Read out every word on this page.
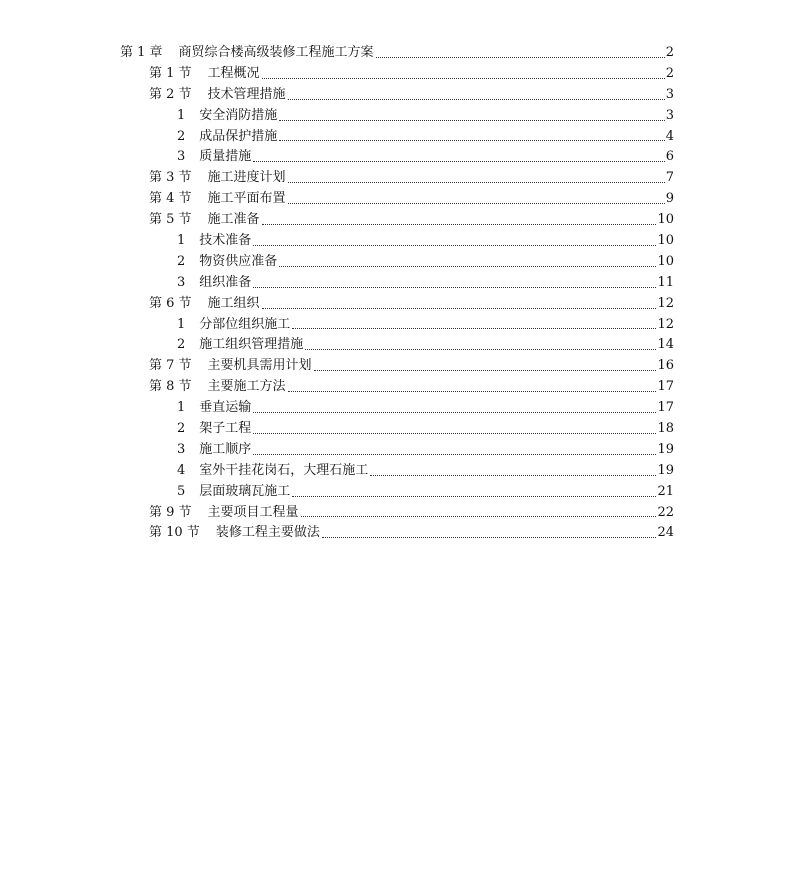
第 1 章 商贸综合楼高级装修工程施工方案	2
第 1 节 工程概况	2
第 2 节 技术管理措施	3
1 安全消防措施	3
2 成品保护措施	4
3 质量措施	6
第 3 节 施工进度计划	7
第 4 节 施工平面布置	9
第 5 节 施工准备	10
1 技术准备	10
2 物资供应准备	10
3 组织准备	11
第 6 节 施工组织	12
1 分部位组织施工	12
2 施工组织管理措施	14
第 7 节 主要机具需用计划	16
第 8 节 主要施工方法	17
1 垂直运输	17
2 架子工程	18
3 施工顺序	19
4 室外干挂花岗石，大理石施工	19
5 层面玻璃瓦施工	21
第 9 节 主要项目工程量	22
第 10 节 装修工程主要做法	24
